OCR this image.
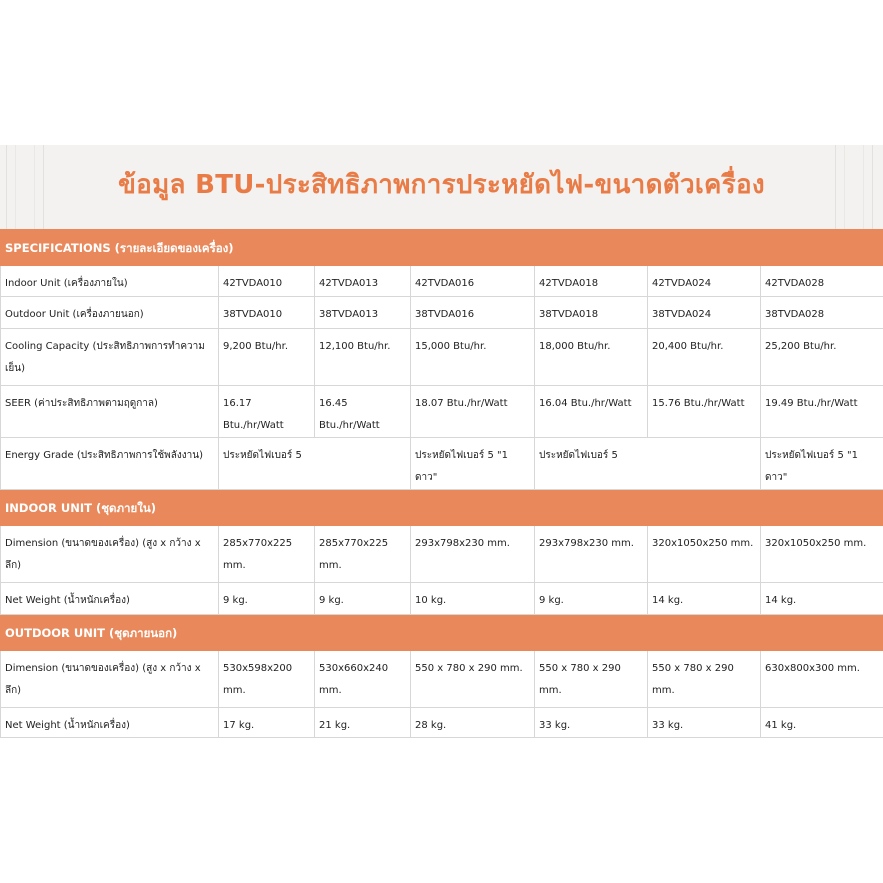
ข้อมูล BTU-ประสิทธิภาพการประหยัดไฟ-ขนาดตัวเครื่อง
SPECIFICATIONS (รายละเอียดของเครื่อง)						
Indoor Unit (เครื่องภายใน)	42TVDA010	42TVDA013	42TVDA016	42TVDA018	42TVDA024	42TVDA028
Outdoor Unit (เครื่องภายนอก)	38TVDA010	38TVDA013	38TVDA016	38TVDA018	38TVDA024	38TVDA028
Cooling Capacity (ประสิทธิภาพการทำความเย็น)	9,200 Btu/hr.	12,100 Btu/hr.	15,000 Btu/hr.	18,000 Btu/hr.	20,400 Btu/hr.	25,200 Btu/hr.
SEER (ค่าประสิทธิภาพตามฤดูกาล)	16.17 Btu./hr/Watt	16.45 Btu./hr/Watt	18.07 Btu./hr/Watt	16.04 Btu./hr/Watt	15.76 Btu./hr/Watt	19.49 Btu./hr/Watt
Energy Grade (ประสิทธิภาพการใช้พลังงาน)	ประหยัดไฟเบอร์ 5		ประหยัดไฟเบอร์ 5 "1 ดาว"	ประหยัดไฟเบอร์ 5		ประหยัดไฟเบอร์ 5 "1 ดาว"
INDOOR UNIT (ชุดภายใน)						
Dimension (ขนาดของเครื่อง) (สูง x กว้าง x ลึก)	285x770x225 mm.	285x770x225 mm.	293x798x230 mm.	293x798x230 mm.	320x1050x250 mm.	320x1050x250 mm.
Net Weight (น้ำหนักเครื่อง)	9 kg.	9 kg.	10 kg.	9 kg.	14 kg.	14 kg.
OUTDOOR UNIT (ชุดภายนอก)						
Dimension (ขนาดของเครื่อง) (สูง x กว้าง x ลึก)	530x598x200 mm.	530x660x240 mm.	550 x 780 x 290 mm.	550 x 780 x 290 mm.	550 x 780 x 290 mm.	630x800x300 mm.
Net Weight (น้ำหนักเครื่อง)	17 kg.	21 kg.	28 kg.	33 kg.	33 kg.	41 kg.
